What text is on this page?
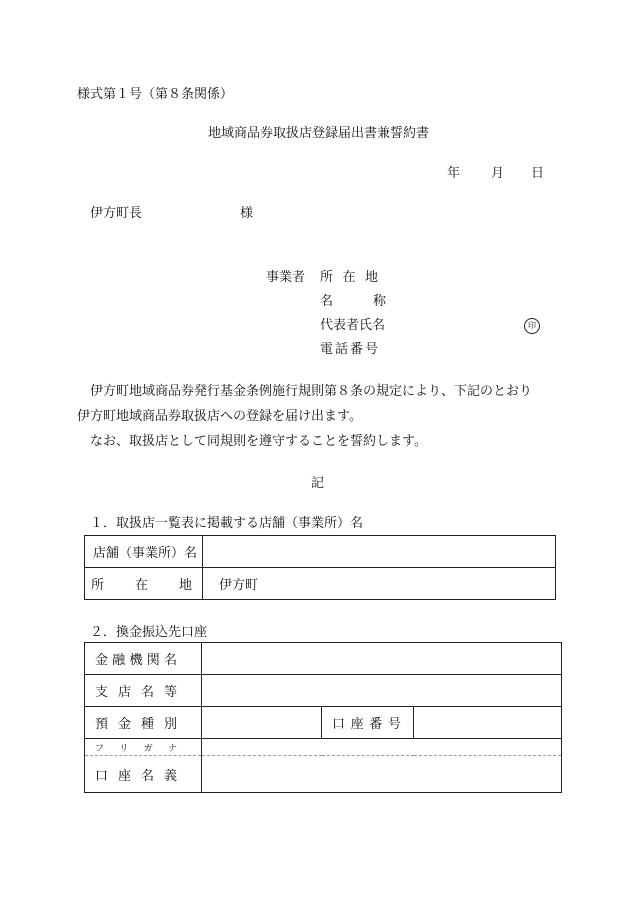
様式第１号（第８条関係）
地域商品券取扱店登録届出書兼誓約書
年 月 日
伊方町長	様
事業者 所 在 地
名	称
代表者氏名	印
電 話 番 号
伊方町地域商品券発行基金条例施行規則第８条の規定により、下記のとおり
伊方町地域商品券取扱店への登録を届け出ます。
なお、取扱店として同規則を遵守することを誓約します。
記
１．取扱店一覧表に掲載する店舗（事業所）名
店舗（事業所）名	

所 在 地	伊方町
２．換金振込先口座
金 融 機 関 名			

支 店 名 等			

預 金 種 別		口 座 番 号	

フ リ ガ ナ			

口 座 名 義			
